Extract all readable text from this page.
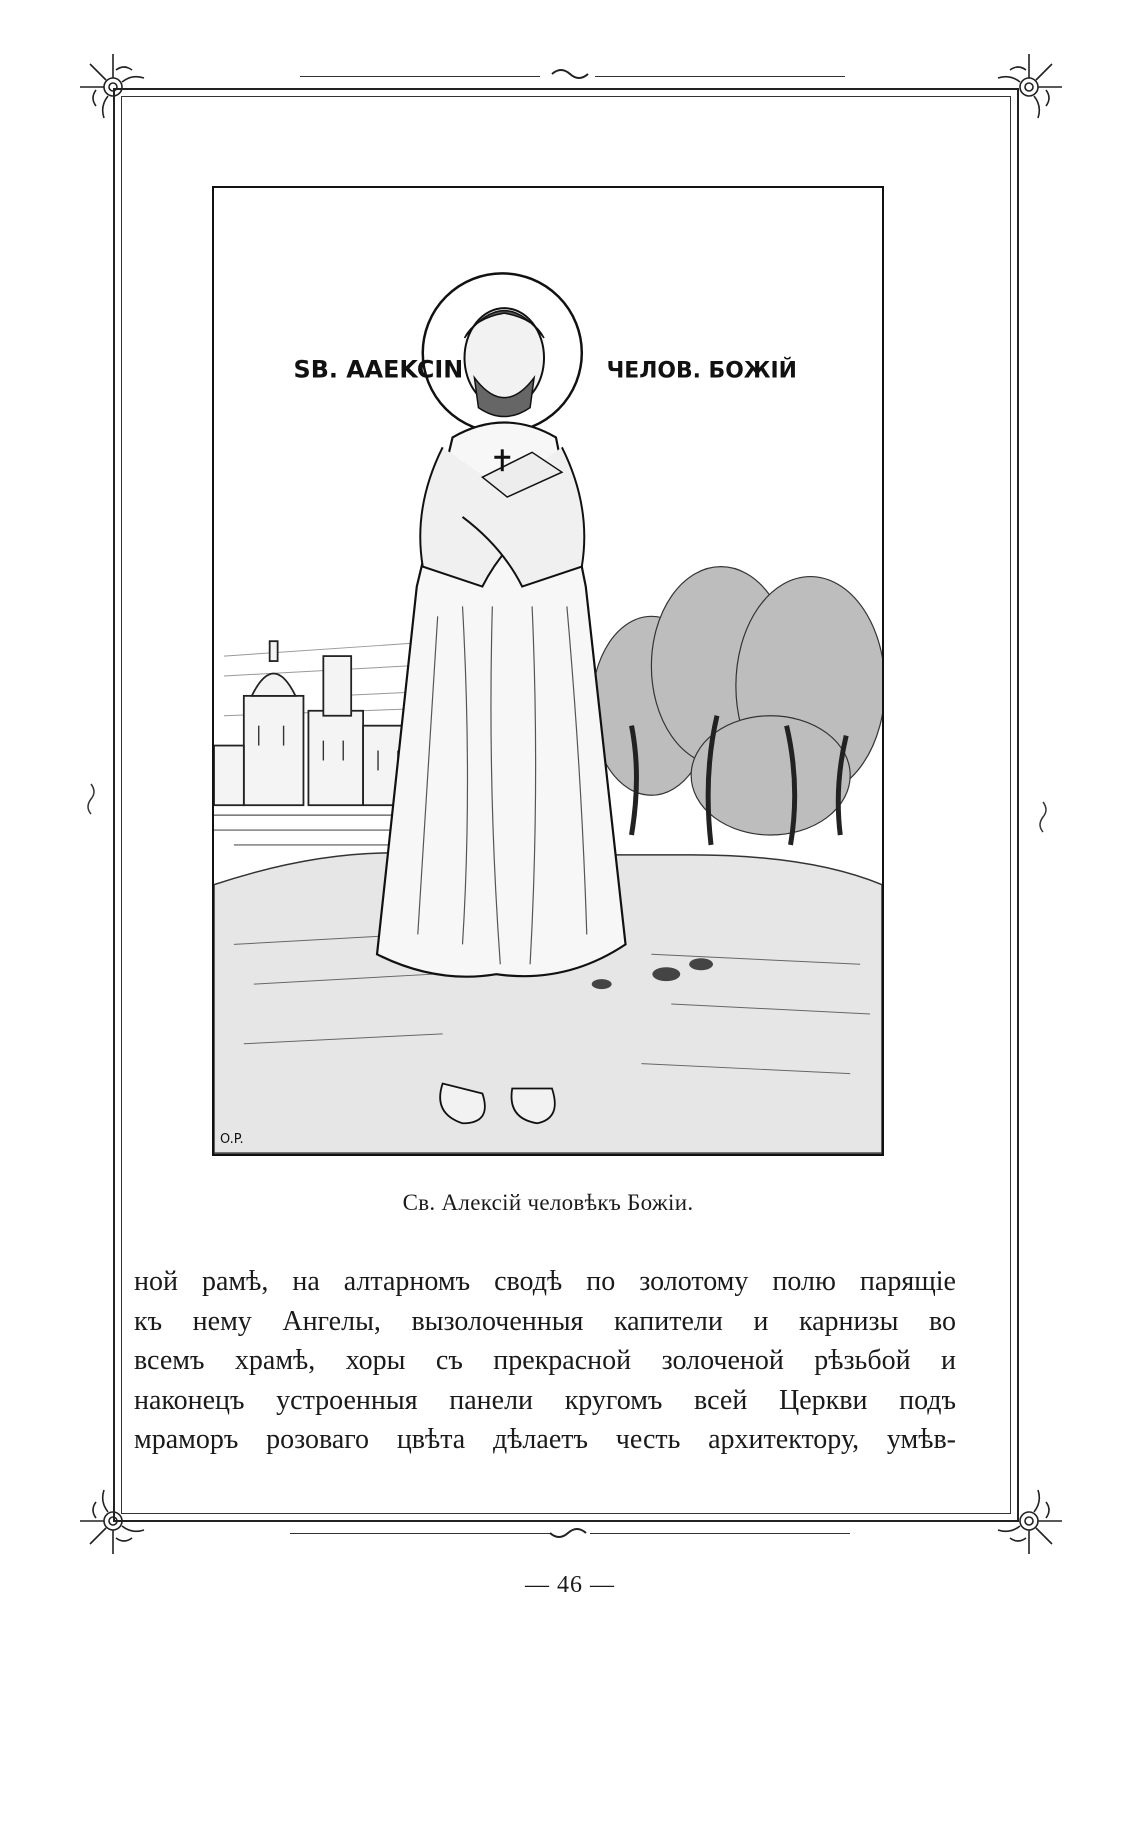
SB. AAEKCIN	ЧЕЛОВ. БОЖІЙ
O.P.
Св. Алексій человѣкъ Божіи.
ной рамѣ, на алтарномъ сводѣ по золотому полю парящіе
къ нему Ангелы, вызолоченныя капители и карнизы во
всемъ храмѣ, хоры съ прекрасной золоченой рѣзьбой и
наконецъ устроенныя панели кругомъ всей Церкви подъ
мраморъ розоваго цвѣта дѣлаетъ честь архитектору, умѣв-
— 46 —
